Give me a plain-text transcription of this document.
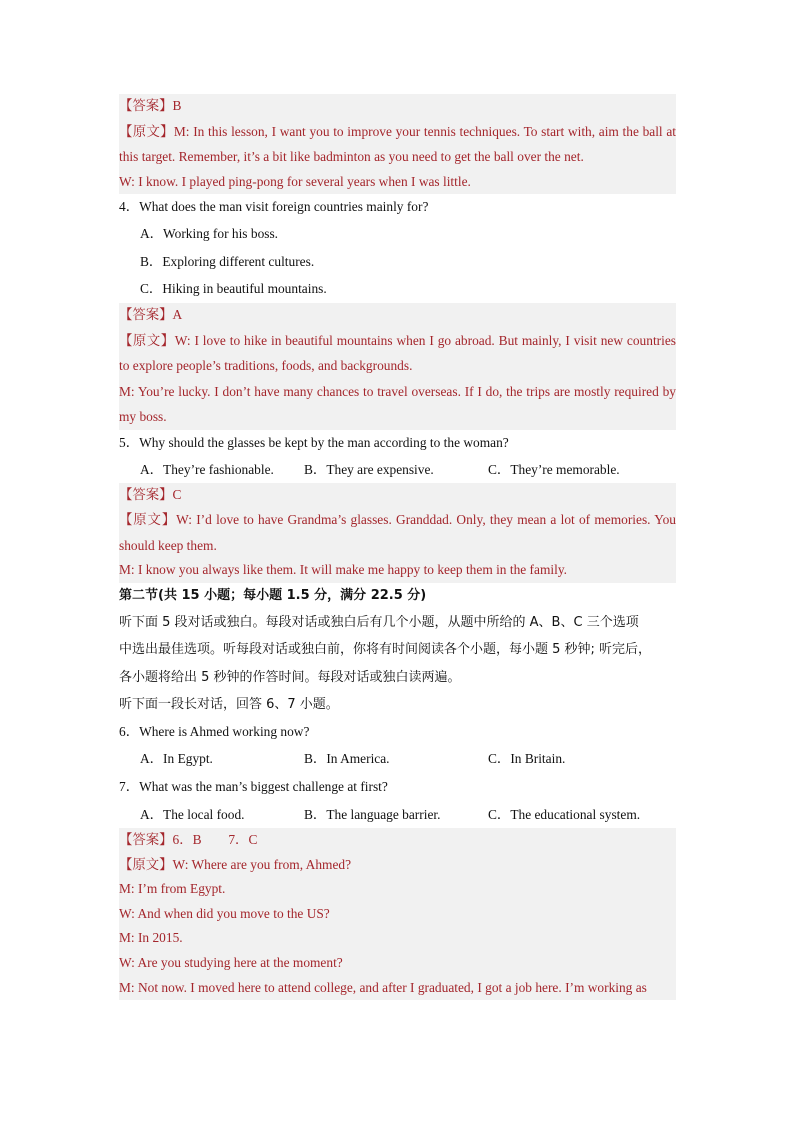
【答案】B
【原文】M: In this lesson, I want you to improve your tennis techniques. To start with, aim the ball at this target. Remember, it’s a bit like badminton as you need to get the ball over the net.
W: I know. I played ping-pong for several years when I was little.
4．What does the man visit foreign countries mainly for?
A．Working for his boss.
B．Exploring different cultures.
C．Hiking in beautiful mountains.
【答案】A
【原文】W: I love to hike in beautiful mountains when I go abroad. But mainly, I visit new countries to explore people’s traditions, foods, and backgrounds.
M: You’re lucky. I don’t have many chances to travel overseas. If I do, the trips are mostly required by my boss.
5．Why should the glasses be kept by the man according to the woman?
A．They’re fashionable.	B．They are expensive.	C．They’re memorable.
【答案】C
【原文】W: I’d love to have Grandma’s glasses. Granddad. Only, they mean a lot of memories. You should keep them.
M: I know you always like them. It will make me happy to keep them in the family.
第二节(共 15 小题；每小题 1.5 分，满分 22.5 分)
听下面 5 段对话或独白。每段对话或独白后有几个小题，从题中所给的 A、B、C 三个选项
中选出最佳选项。听每段对话或独白前，你将有时间阅读各个小题，每小题 5 秒钟; 听完后，
各小题将给出 5 秒钟的作答时间。每段对话或独白读两遍。
听下面一段长对话，回答 6、7 小题。
6．Where is Ahmed working now?
A．In Egypt.	B．In America.	C．In Britain.
7．What was the man’s biggest challenge at first?
A．The local food.	B．The language barrier.	C．The educational system.
【答案】6．B        7．C
【原文】W: Where are you from, Ahmed?
M: I’m from Egypt.
W: And when did you move to the US?
M: In 2015.
W: Are you studying here at the moment?
M: Not now. I moved here to attend college, and after I graduated, I got a job here. I’m working as
